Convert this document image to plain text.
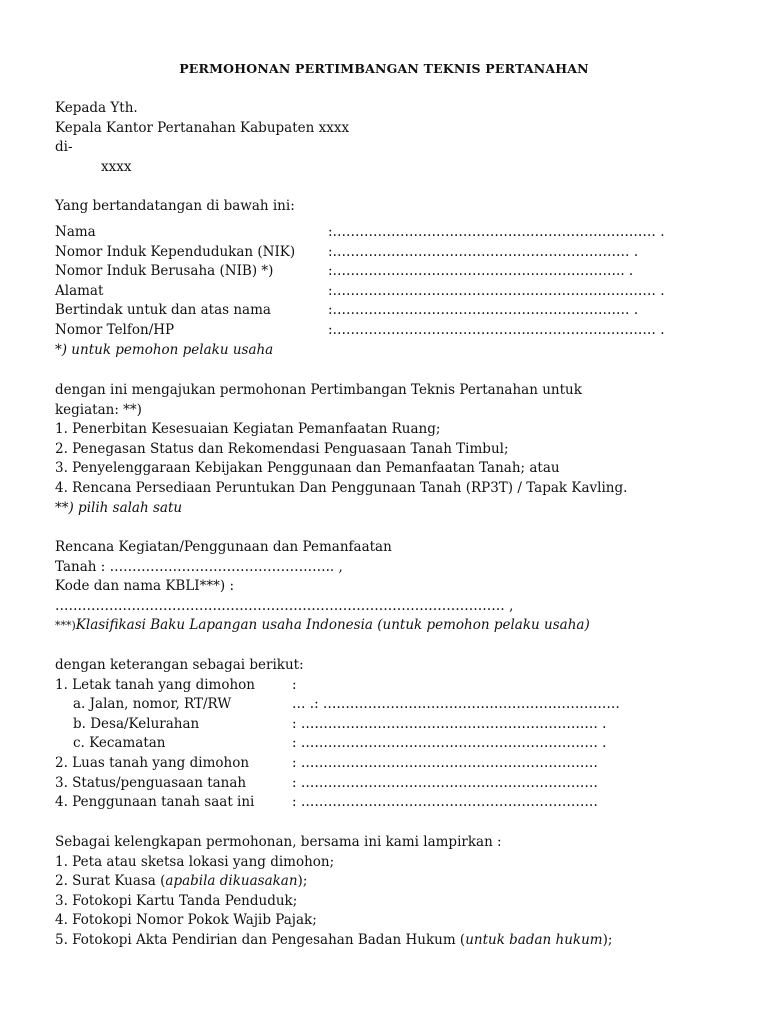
PERMOHONAN PERTIMBANGAN TEKNIS PERTANAHAN
Kepada Yth.
Kepala Kantor Pertanahan Kabupaten xxxx
di-
xxxx
Yang bertandatangan di bawah ini:
Nama	:……………………….…………….…………….………… .
Nomor Induk Kependudukan (NIK)	:………………………………………………………… .
Nomor Induk Berusaha (NIB) *)	:……………………………………………………….. .
Alamat	:……………………….…………….…………….………… .
Bertindak untuk dan atas nama	:………………………………………………………… .
Nomor Telfon/HP	:……………………….…………….…………….………… .
*) untuk pemohon pelaku usaha
dengan ini mengajukan permohonan Pertimbangan Teknis Pertanahan untuk
kegiatan: **)
1. Penerbitan Kesesuaian Kegiatan Pemanfaatan Ruang;
2. Penegasan Status dan Rekomendasi Penguasaan Tanah Timbul;
3. Penyelenggaraan Kebijakan Penggunaan dan Pemanfaatan Tanah; atau
4. Rencana Persediaan Peruntukan Dan Penggunaan Tanah (RP3T) / Tapak Kavling.
**) pilih salah satu
Rencana Kegiatan/Penggunaan dan Pemanfaatan
Tanah : ………………………………………….. ,
Kode dan nama KBLI***) :
……………………………….……………………………………………………… ,
***)Klasifikasi Baku Lapangan usaha Indonesia (untuk pemohon pelaku usaha)
dengan keterangan sebagai berikut:
1. Letak tanah yang dimohon	:
a. Jalan, nomor, RT/RW	… .: …………………………………………………………
b. Desa/Kelurahan	: ………………………………………………………… .
c. Kecamatan	: ………………………………………………………… .
2. Luas tanah yang dimohon	: …………………………………………………………
3. Status/penguasaan tanah	: …………………………………………………………
4. Penggunaan tanah saat ini	: …………………………………………………………
Sebagai kelengkapan permohonan, bersama ini kami lampirkan :
1. Peta atau sketsa lokasi yang dimohon;
2. Surat Kuasa (apabila dikuasakan);
3. Fotokopi Kartu Tanda Penduduk;
4. Fotokopi Nomor Pokok Wajib Pajak;
5. Fotokopi Akta Pendirian dan Pengesahan Badan Hukum (untuk badan hukum);
